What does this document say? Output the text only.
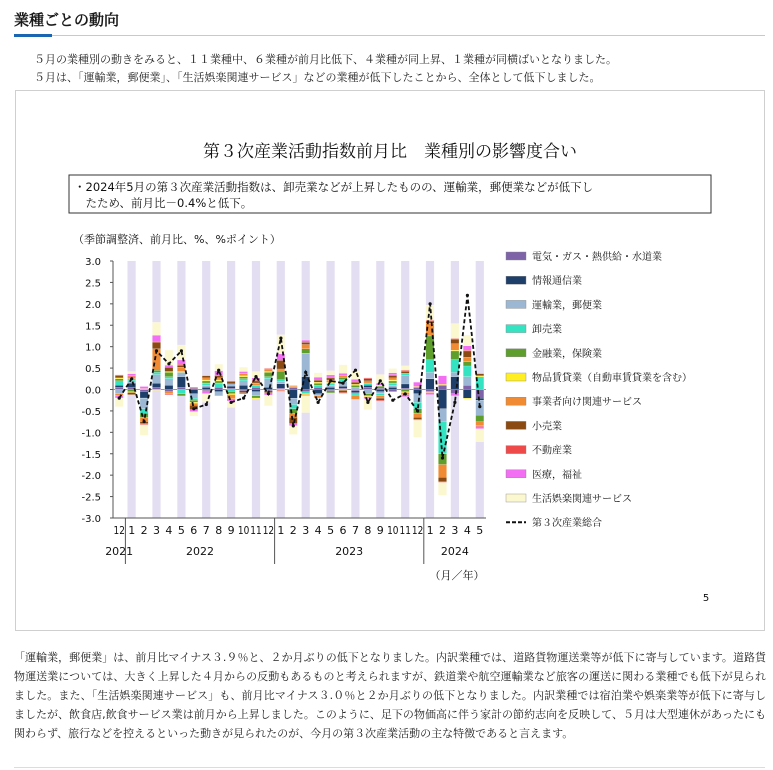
業種ごとの動向

５月の業種別の動きをみると、１１業種中、６業種が前月比低下、４業種が同上昇、１業種が同横ばいとなりました。

５月は、「運輸業，郵便業」、「生活娯楽関連サービス」などの業種が低下したことから、全体として低下しました。

第３次産業活動指数前月比　業種別の影響度合い
・2024年5月の第３次産業活動指数は、卸売業などが上昇したものの、運輸業，郵便業などが低下し
　たため、前月比－0.4%と低下。
（季節調整済、前月比、%、%ポイント）
3.0
2.5
2.0
1.5
1.0
0.5
0.0
-0.5
-1.0
-1.5
-2.0
-2.5
-3.0
12 1 2 3 4 5 6 7 8 9 10 11 12 1 2 3 4 5 6 7 8 9 10 11 12 1 2 3 4 5
2021	2022	2023	2024
電気・ガス・熱供給・水道業
情報通信業
運輸業，郵便業
卸売業
金融業，保険業
物品賃貸業（自動車賃貸業を含む）
事業者向け関連サービス
小売業
不動産業
医療，福祉
生活娯楽関連サービス
第３次産業総合
（月／年）
5

「運輸業，郵便業」は、前月比マイナス３.９％と、２か月ぶりの低下となりました。内訳業種では、道路貨物運送業等が低下に寄与しています。道路貨物運送業については、大きく上昇した４月からの反動もあるものと考えられますが、鉄道業や航空運輸業など旅客の運送に関わる業種でも低下が見られました。また、「生活娯楽関連サービス」も、前月比マイナス３.０％と２か月ぶりの低下となりました。内訳業種では宿泊業や娯楽業等が低下に寄与しましたが、飲食店,飲食サービス業は前月から上昇しました。このように、足下の物価高に伴う家計の節約志向を反映して、５月は大型連休があったにも関わらず、旅行などを控えるといった動きが見られたのが、今月の第３次産業活動の主な特徴であると言えます。
